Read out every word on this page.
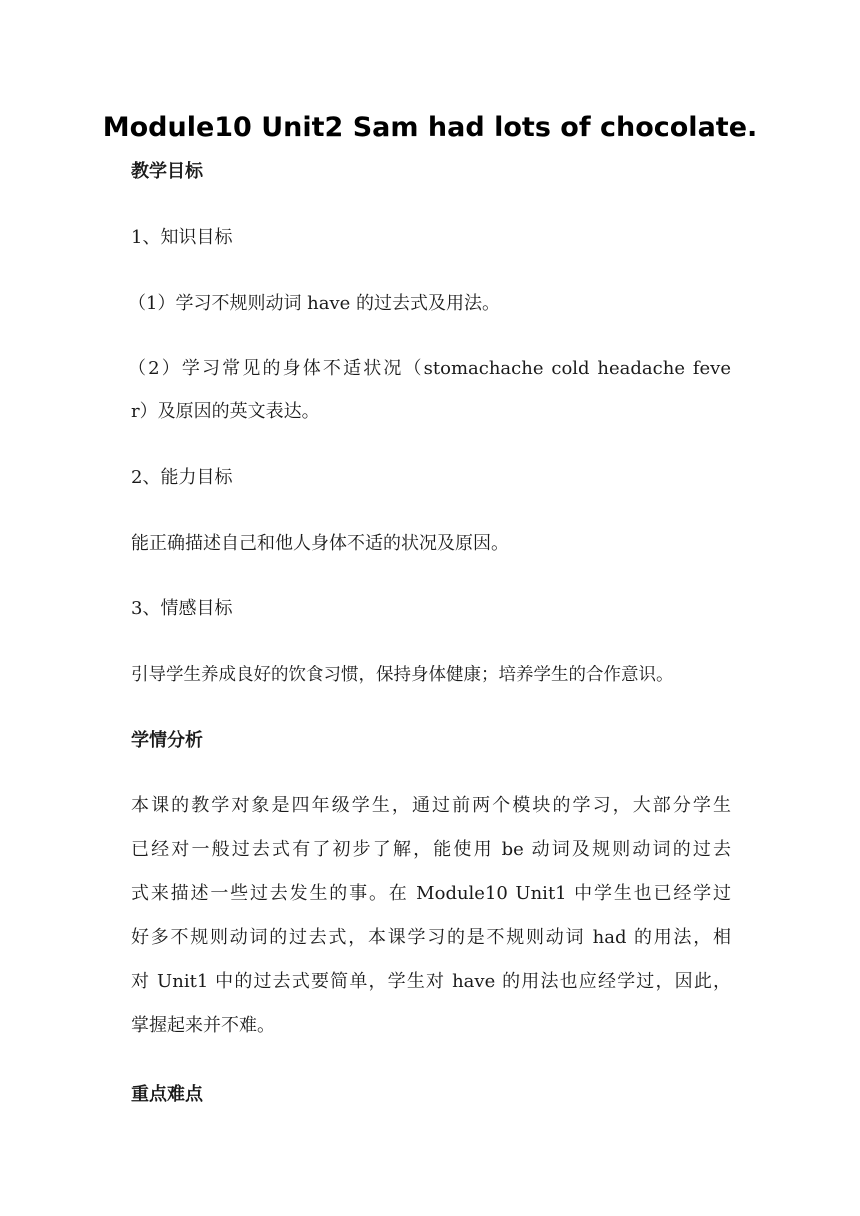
Module10 Unit2 Sam had lots of chocolate.
教学目标
1、知识目标
（1）学习不规则动词 have 的过去式及用法。
（2）学习常见的身体不适状况（stomachache cold headache feve
r）及原因的英文表达。
2、能力目标
能正确描述自己和他人身体不适的状况及原因。
3、情感目标
引导学生养成良好的饮食习惯，保持身体健康；培养学生的合作意识。
学情分析
本课的教学对象是四年级学生，通过前两个模块的学习，大部分学生
已经对一般过去式有了初步了解，能使用 be 动词及规则动词的过去
式来描述一些过去发生的事。在 Module10 Unit1 中学生也已经学过
好多不规则动词的过去式，本课学习的是不规则动词 had 的用法，相
对 Unit1 中的过去式要简单，学生对 have 的用法也应经学过，因此，
掌握起来并不难。
重点难点
